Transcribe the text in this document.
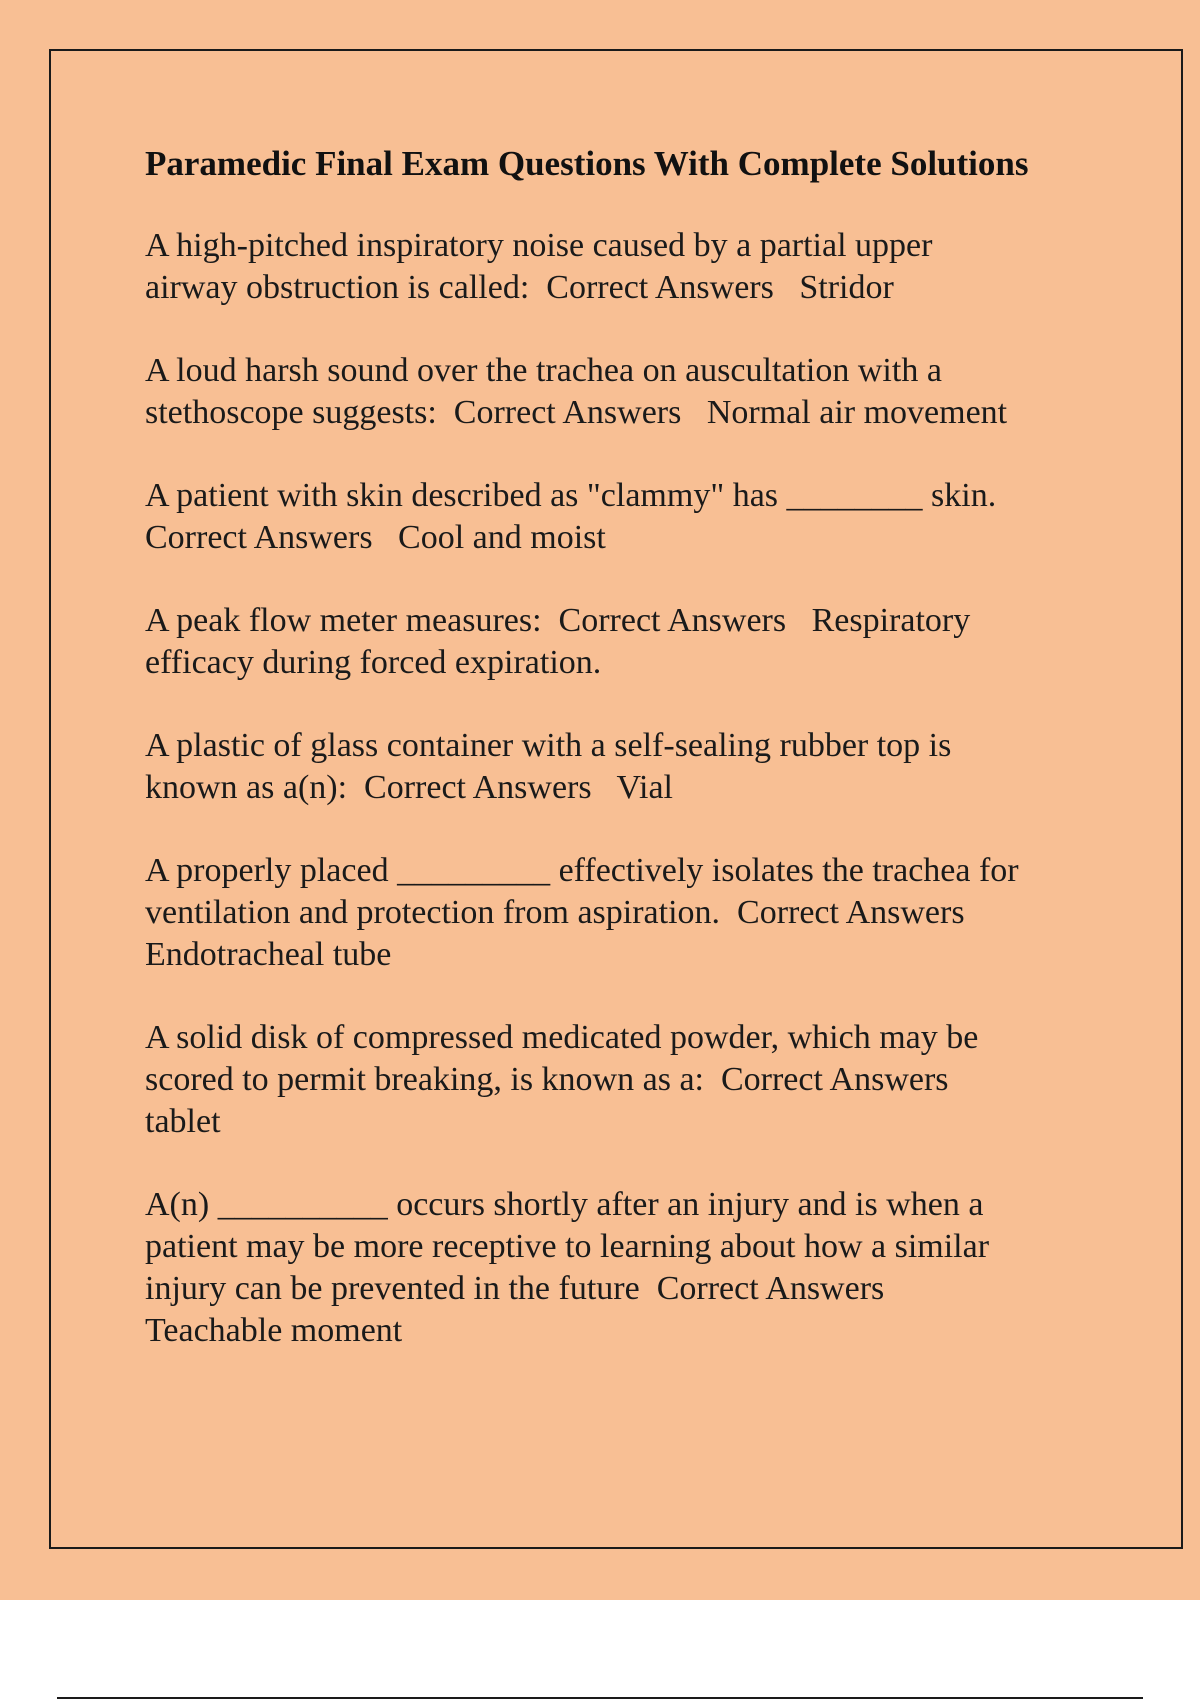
Paramedic Final Exam Questions With Complete Solutions
A high-pitched inspiratory noise caused by a partial upper
airway obstruction is called:  Correct Answers   Stridor
A loud harsh sound over the trachea on auscultation with a
stethoscope suggests:  Correct Answers   Normal air movement
A patient with skin described as "clammy" has ________ skin.
Correct Answers   Cool and moist
A peak flow meter measures:  Correct Answers   Respiratory
efficacy during forced expiration.
A plastic of glass container with a self-sealing rubber top is
known as a(n):  Correct Answers   Vial
A properly placed _________ effectively isolates the trachea for
ventilation and protection from aspiration.  Correct Answers
Endotracheal tube
A solid disk of compressed medicated powder, which may be
scored to permit breaking, is known as a:  Correct Answers
tablet
A(n) __________ occurs shortly after an injury and is when a
patient may be more receptive to learning about how a similar
injury can be prevented in the future  Correct Answers
Teachable moment
